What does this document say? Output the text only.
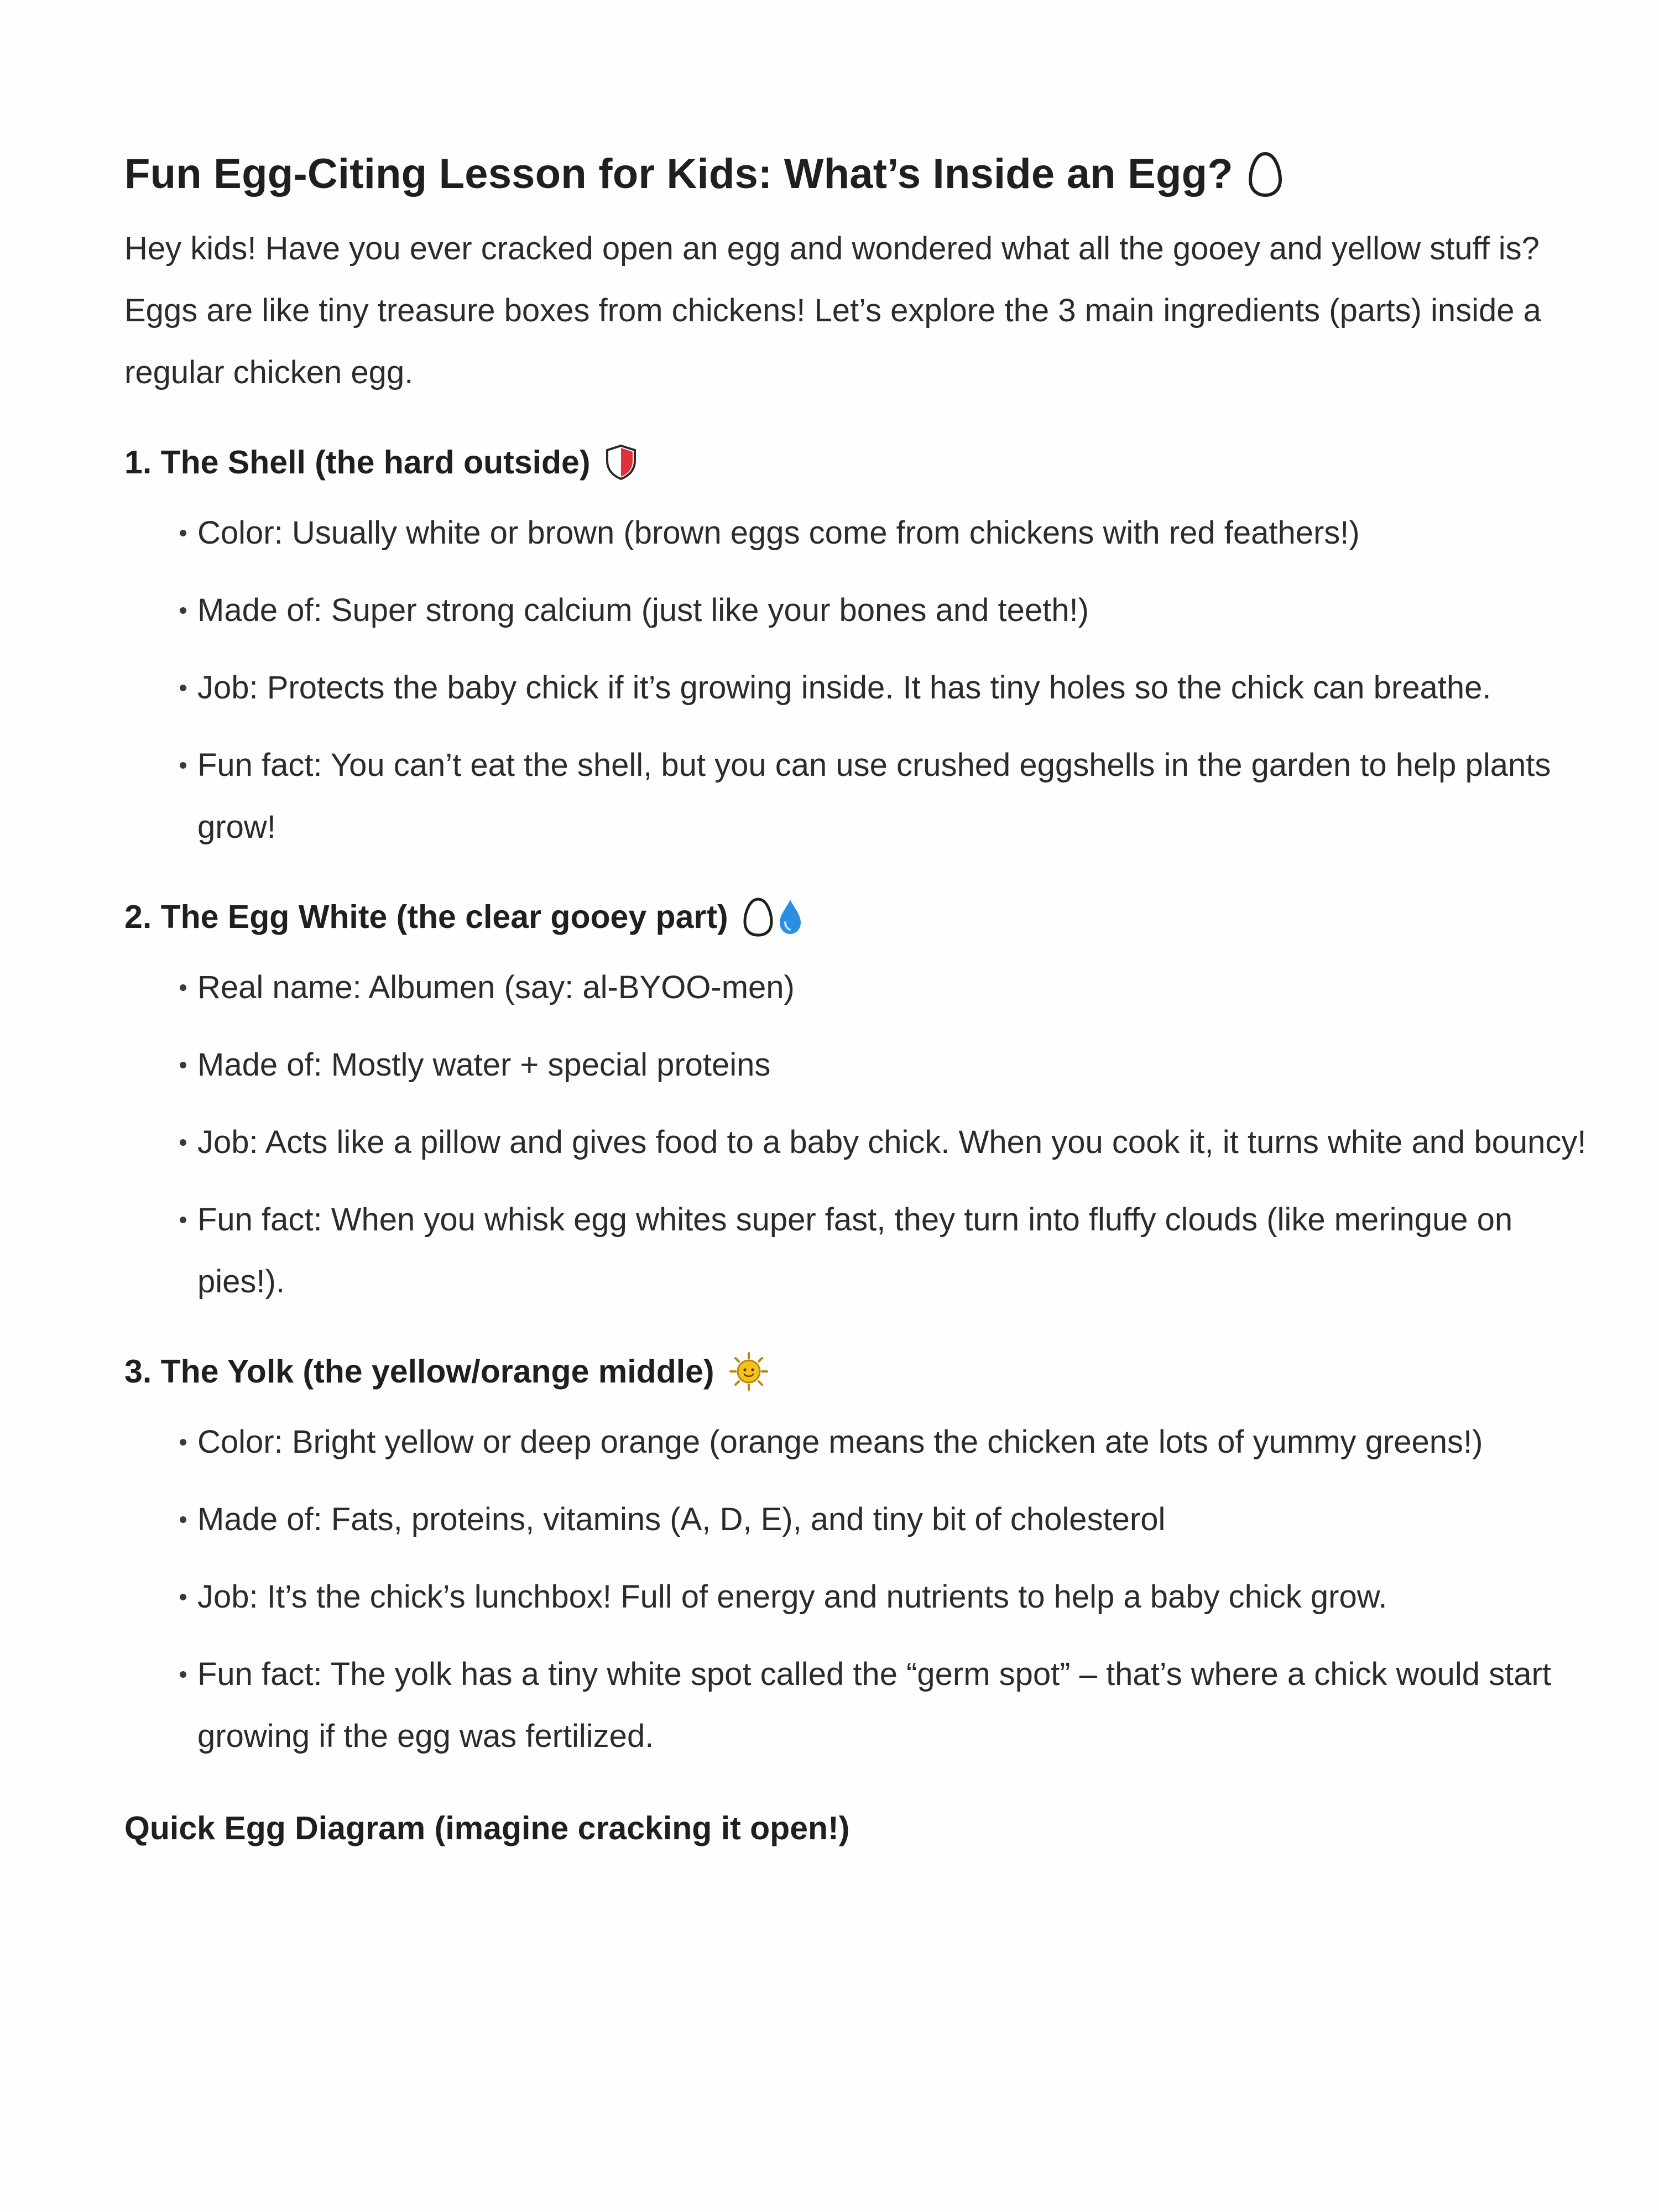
Fun Egg-Citing Lesson for Kids: What’s Inside an Egg?

Hey kids! Have you ever cracked open an egg and wondered what all the gooey and yellow stuff is? Eggs are like tiny treasure boxes from chickens! Let’s explore the 3 main ingredients (parts) inside a regular chicken egg.

1. The Shell (the hard outside)

Color: Usually white or brown (brown eggs come from chickens with red feathers!)
Made of: Super strong calcium (just like your bones and teeth!)
Job: Protects the baby chick if it’s growing inside. It has tiny holes so the chick can breathe.
Fun fact: You can’t eat the shell, but you can use crushed eggshells in the garden to help plants grow!

2. The Egg White (the clear gooey part)

Real name: Albumen (say: al-BYOO-men)
Made of: Mostly water + special proteins
Job: Acts like a pillow and gives food to a baby chick. When you cook it, it turns white and bouncy!
Fun fact: When you whisk egg whites super fast, they turn into fluffy clouds (like meringue on pies!).

3. The Yolk (the yellow/orange middle)

Color: Bright yellow or deep orange (orange means the chicken ate lots of yummy greens!)
Made of: Fats, proteins, vitamins (A, D, E), and tiny bit of cholesterol
Job: It’s the chick’s lunchbox! Full of energy and nutrients to help a baby chick grow.
Fun fact: The yolk has a tiny white spot called the “germ spot” – that’s where a chick would start growing if the egg was fertilized.

Quick Egg Diagram (imagine cracking it open!)
